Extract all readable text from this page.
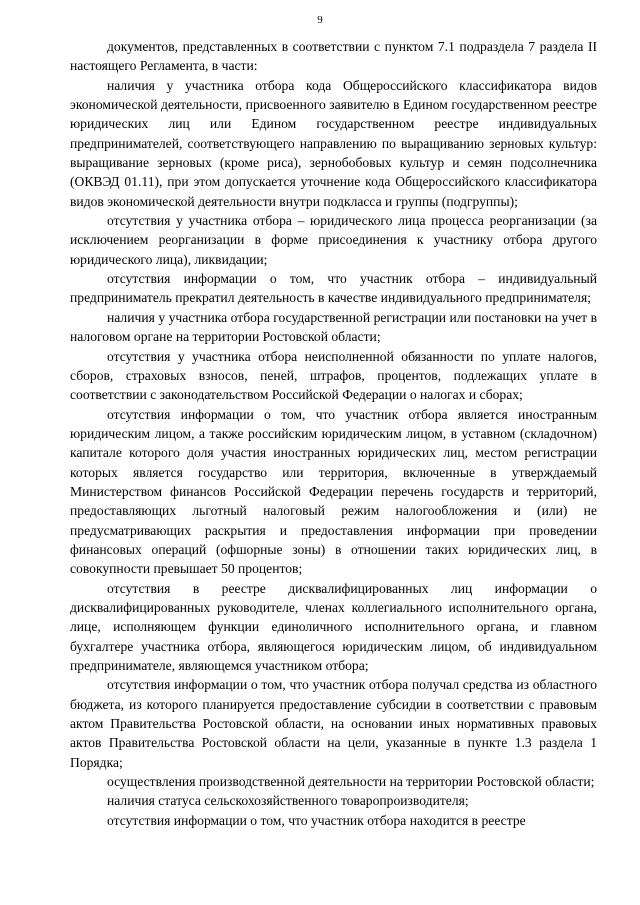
9

документов, представленных в соответствии с пунктом 7.1 подраздела 7 раздела II настоящего Регламента, в части:

наличия у участника отбора кода Общероссийского классификатора видов экономической деятельности, присвоенного заявителю в Едином государственном реестре юридических лиц или Едином государственном реестре индивидуальных предпринимателей, соответствующего направлению по выращиванию зерновых культур: выращивание зерновых (кроме риса), зернобобовых культур и семян подсолнечника (ОКВЭД 01.11), при этом допускается уточнение кода Общероссийского классификатора видов экономической деятельности внутри подкласса и группы (подгруппы);

отсутствия у участника отбора – юридического лица процесса реорганизации (за исключением реорганизации в форме присоединения к участнику отбора другого юридического лица), ликвидации;

отсутствия информации о том, что участник отбора – индивидуальный предприниматель прекратил деятельность в качестве индивидуального предпринимателя;

наличия у участника отбора государственной регистрации или постановки на учет в налоговом органе на территории Ростовской области;

отсутствия у участника отбора неисполненной обязанности по уплате налогов, сборов, страховых взносов, пеней, штрафов, процентов, подлежащих уплате в соответствии с законодательством Российской Федерации о налогах и сборах;

отсутствия информации о том, что участник отбора является иностранным юридическим лицом, а также российским юридическим лицом, в уставном (складочном) капитале которого доля участия иностранных юридических лиц, местом регистрации которых является государство или территория, включенные в утверждаемый Министерством финансов Российской Федерации перечень государств и территорий, предоставляющих льготный налоговый режим налогообложения и (или) не предусматривающих раскрытия и предоставления информации при проведении финансовых операций (офшорные зоны) в отношении таких юридических лиц, в совокупности превышает 50 процентов;

отсутствия в реестре дисквалифицированных лиц информации о дисквалифицированных руководителе, членах коллегиального исполнительного органа, лице, исполняющем функции единоличного исполнительного органа, и главном бухгалтере участника отбора, являющегося юридическим лицом, об индивидуальном предпринимателе, являющемся участником отбора;

отсутствия информации о том, что участник отбора получал средства из областного бюджета, из которого планируется предоставление субсидии в соответствии с правовым актом Правительства Ростовской области, на основании иных нормативных правовых актов Правительства Ростовской области на цели, указанные в пункте 1.3 раздела 1 Порядка;

осуществления производственной деятельности на территории Ростовской области;

наличия статуса сельскохозяйственного товаропроизводителя;

отсутствия информации о том, что участник отбора находится в реестре
